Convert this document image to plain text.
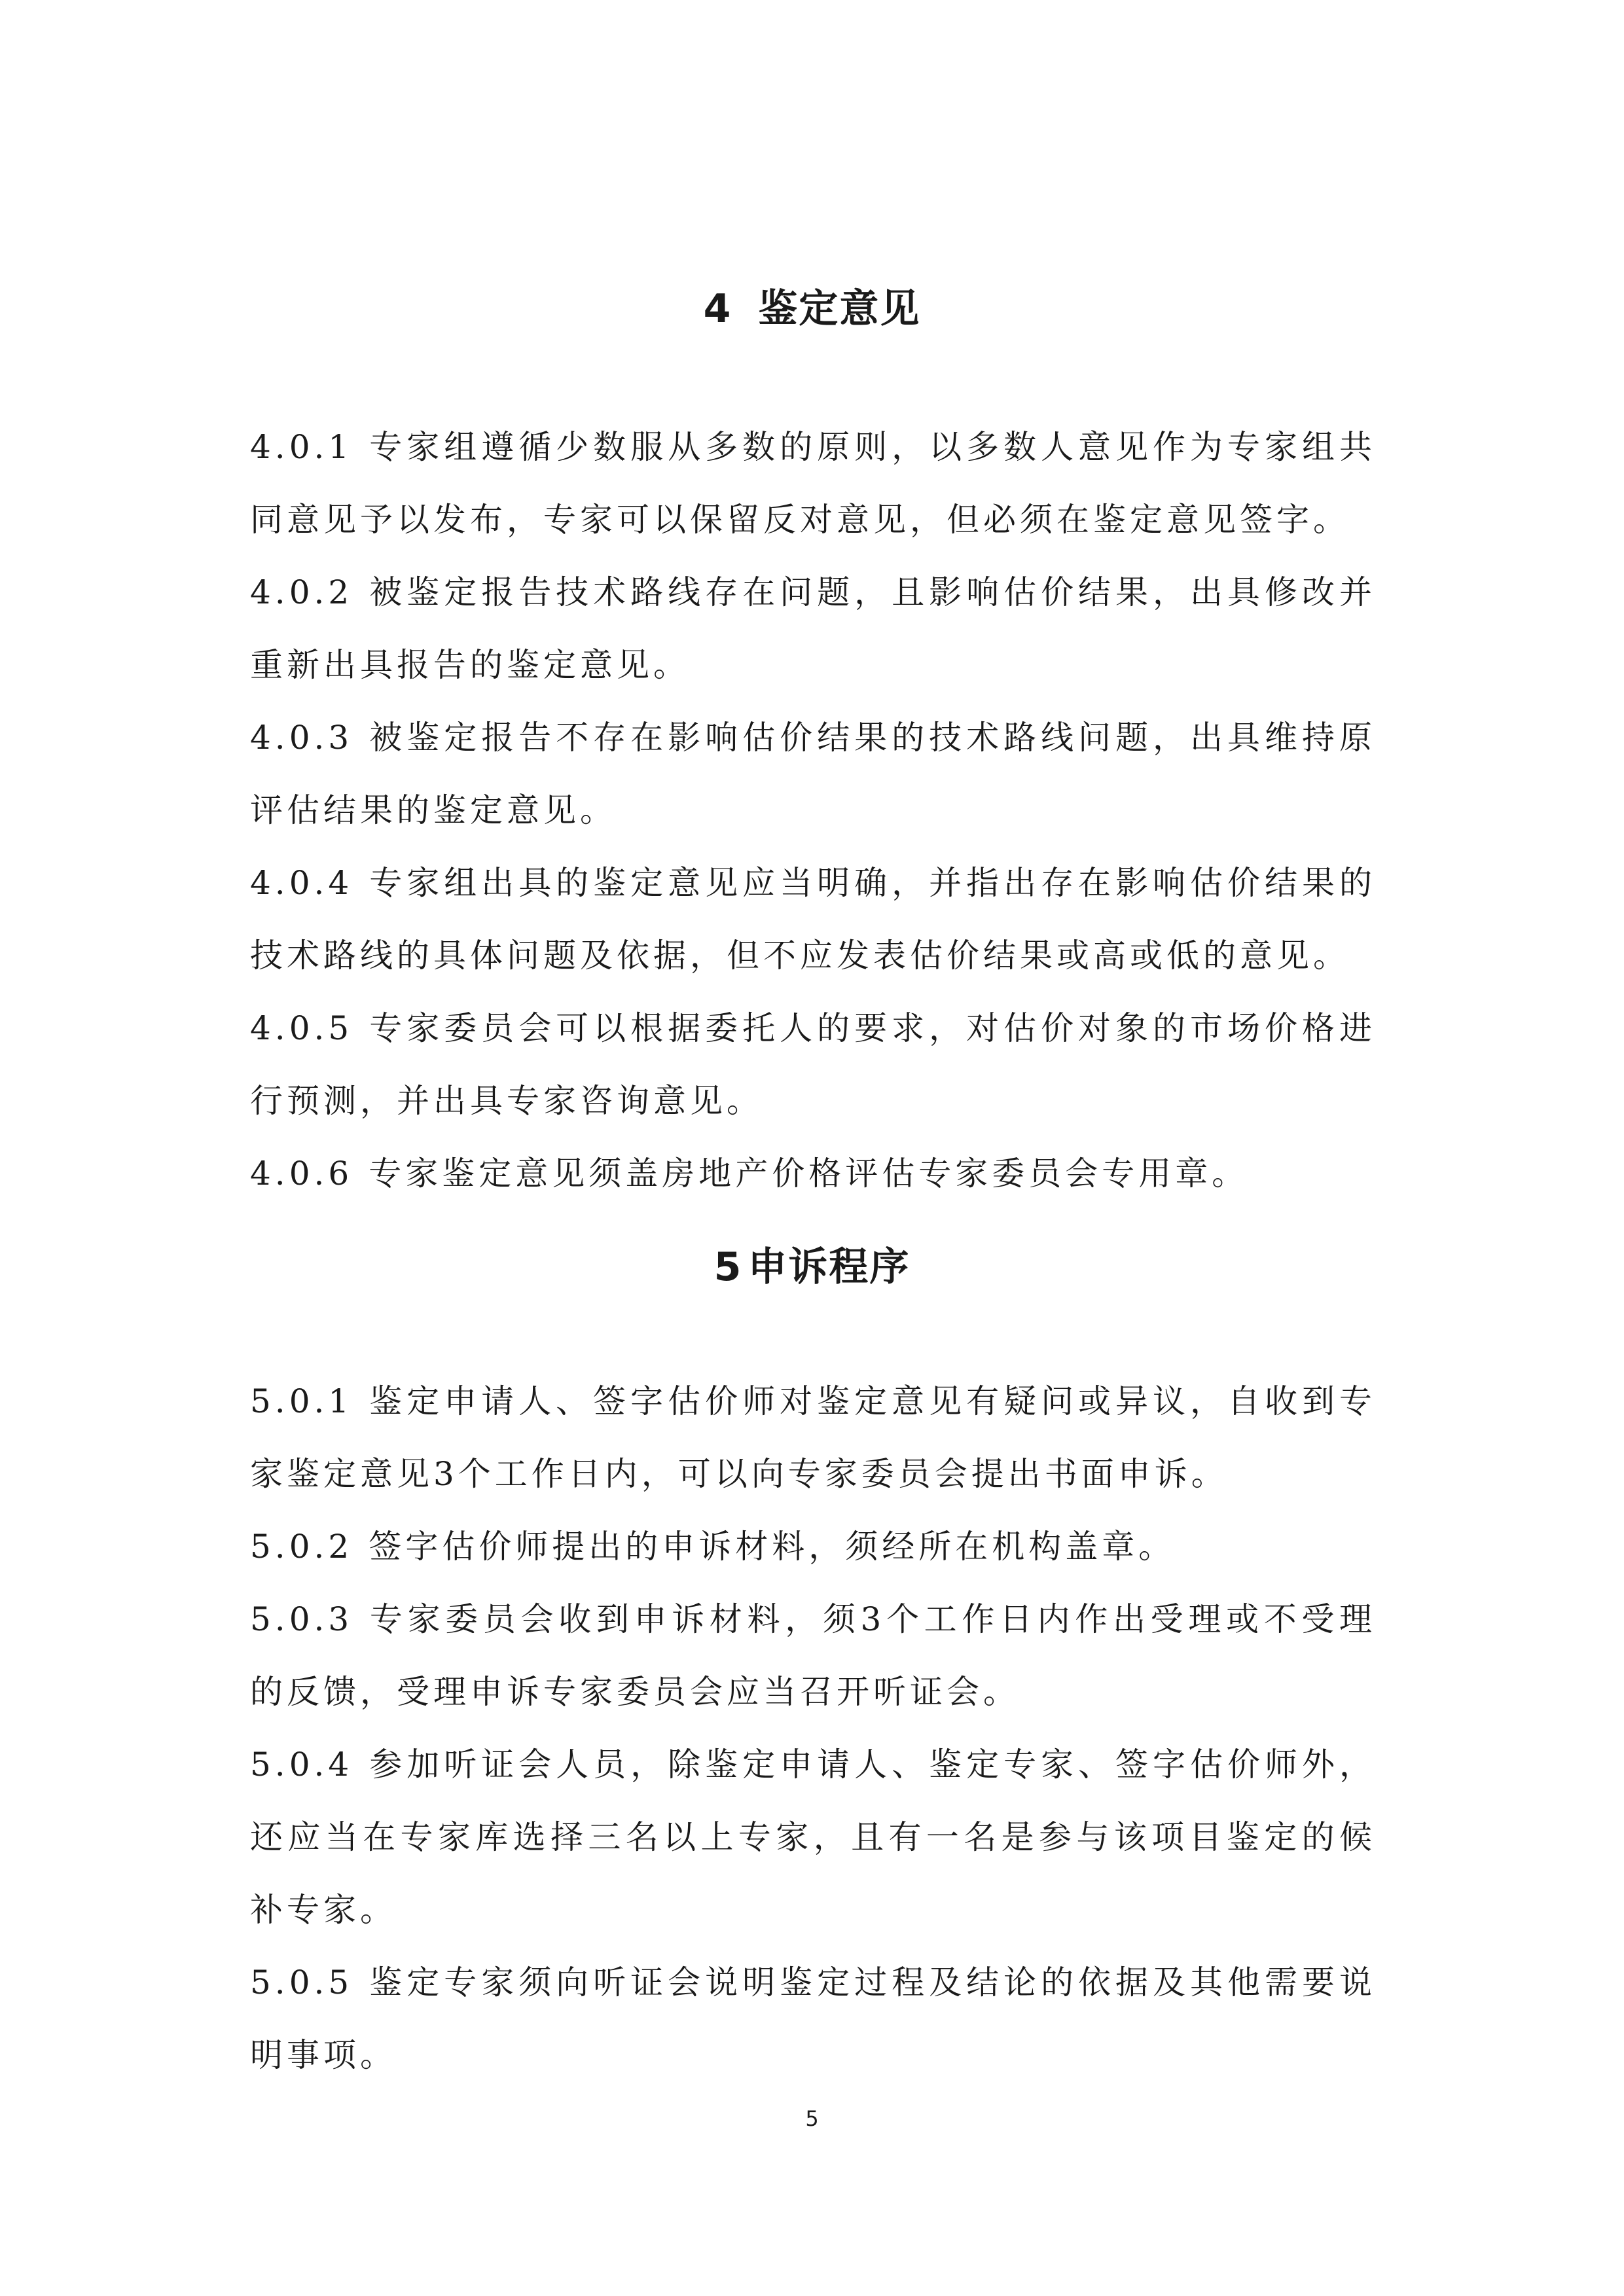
4 鉴定意见

4.0.1 专家组遵循少数服从多数的原则，以多数人意见作为专家组共同意见予以发布，专家可以保留反对意见，但必须在鉴定意见签字。

4.0.2 被鉴定报告技术路线存在问题，且影响估价结果，出具修改并重新出具报告的鉴定意见。

4.0.3 被鉴定报告不存在影响估价结果的技术路线问题，出具维持原评估结果的鉴定意见。

4.0.4 专家组出具的鉴定意见应当明确，并指出存在影响估价结果的技术路线的具体问题及依据，但不应发表估价结果或高或低的意见。

4.0.5 专家委员会可以根据委托人的要求，对估价对象的市场价格进行预测，并出具专家咨询意见。

4.0.6 专家鉴定意见须盖房地产价格评估专家委员会专用章。

5 申诉程序

5.0.1 鉴定申请人、签字估价师对鉴定意见有疑问或异议，自收到专家鉴定意见3个工作日内，可以向专家委员会提出书面申诉。

5.0.2 签字估价师提出的申诉材料，须经所在机构盖章。

5.0.3 专家委员会收到申诉材料，须3个工作日内作出受理或不受理的反馈，受理申诉专家委员会应当召开听证会。

5.0.4 参加听证会人员，除鉴定申请人、鉴定专家、签字估价师外，还应当在专家库选择三名以上专家，且有一名是参与该项目鉴定的候补专家。

5.0.5 鉴定专家须向听证会说明鉴定过程及结论的依据及其他需要说明事项。

5
